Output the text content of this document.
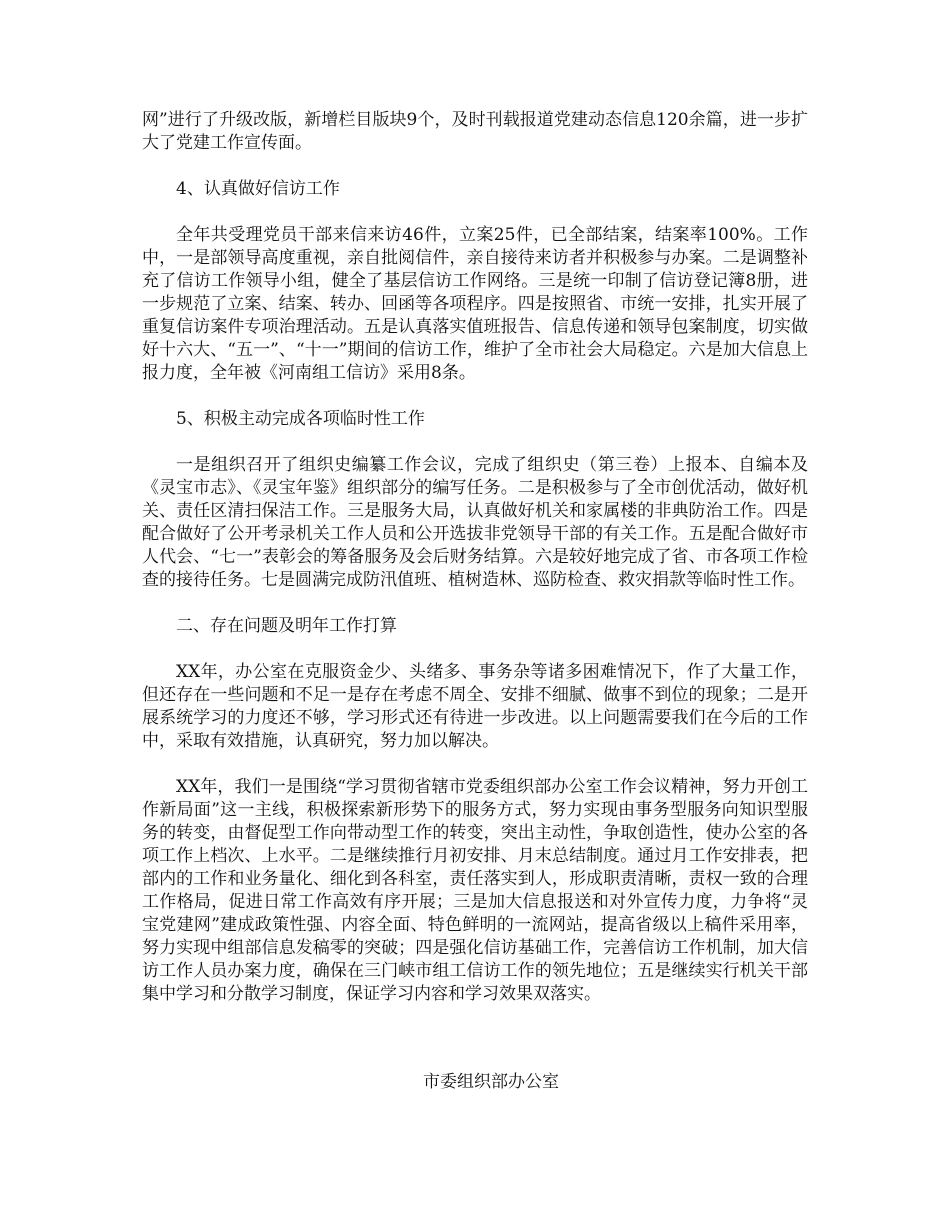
网”进行了升级改版，新增栏目版块9个，及时刊载报道党建动态信息120余篇，进一步扩大了党建工作宣传面。

4、认真做好信访工作

全年共受理党员干部来信来访46件，立案25件，已全部结案，结案率100%。工作中，一是部领导高度重视，亲自批阅信件，亲自接待来访者并积极参与办案。二是调整补充了信访工作领导小组，健全了基层信访工作网络。三是统一印制了信访登记簿8册，进一步规范了立案、结案、转办、回函等各项程序。四是按照省、市统一安排，扎实开展了重复信访案件专项治理活动。五是认真落实值班报告、信息传递和领导包案制度，切实做好十六大、“五一”、“十一”期间的信访工作，维护了全市社会大局稳定。六是加大信息上报力度，全年被《河南组工信访》采用8条。

5、积极主动完成各项临时性工作

一是组织召开了组织史编纂工作会议，完成了组织史（第三卷）上报本、自编本及《灵宝市志》、《灵宝年鉴》组织部分的编写任务。二是积极参与了全市创优活动，做好机关、责任区清扫保洁工作。三是服务大局，认真做好机关和家属楼的非典防治工作。四是配合做好了公开考录机关工作人员和公开选拔非党领导干部的有关工作。五是配合做好市人代会、“七一”表彰会的筹备服务及会后财务结算。六是较好地完成了省、市各项工作检查的接待任务。七是圆满完成防汛值班、植树造林、巡防检查、救灾捐款等临时性工作。

二、存在问题及明年工作打算

XX年，办公室在克服资金少、头绪多、事务杂等诸多困难情况下，作了大量工作，但还存在一些问题和不足一是存在考虑不周全、安排不细腻、做事不到位的现象；二是开展系统学习的力度还不够，学习形式还有待进一步改进。以上问题需要我们在今后的工作中，采取有效措施，认真研究，努力加以解决。

XX年，我们一是围绕“学习贯彻省辖市党委组织部办公室工作会议精神，努力开创工作新局面”这一主线，积极探索新形势下的服务方式，努力实现由事务型服务向知识型服务的转变，由督促型工作向带动型工作的转变，突出主动性，争取创造性，使办公室的各项工作上档次、上水平。二是继续推行月初安排、月末总结制度。通过月工作安排表，把部内的工作和业务量化、细化到各科室，责任落实到人，形成职责清晰，责权一致的合理工作格局，促进日常工作高效有序开展；三是加大信息报送和对外宣传力度，力争将“灵宝党建网”建成政策性强、内容全面、特色鲜明的一流网站，提高省级以上稿件采用率，努力实现中组部信息发稿零的突破；四是强化信访基础工作，完善信访工作机制，加大信访工作人员办案力度，确保在三门峡市组工信访工作的领先地位；五是继续实行机关干部集中学习和分散学习制度，保证学习内容和学习效果双落实。

市委组织部办公室
